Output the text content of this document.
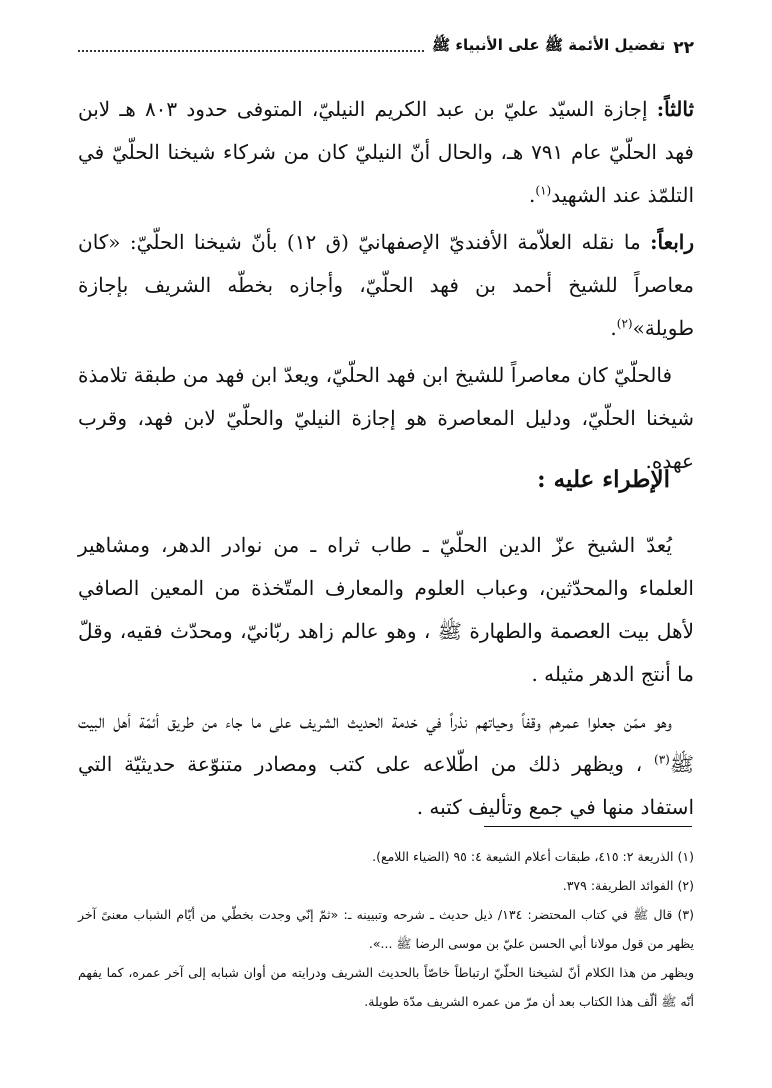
٢٢
تفضيل الأئمة ﷺ على الأنبياء ﷺ

ثالثاً: إجازة السيّد عليّ بن عبد الكريم النيليّ، المتوفى حدود ٨٠٣ هـ لابن فهد الحلّيّ عام ٧٩١ هـ، والحال أنّ النيليّ كان من شركاء شيخنا الحلّيّ في التلمّذ عند الشهيد$^{(١)}$.

رابعاً: ما نقله العلاّمة الأفنديّ الإصفهانيّ (ق ١٢) بأنّ شيخنا الحلّيّ: «كان معاصراً للشيخ أحمد بن فهد الحلّيّ، وأجازه بخطّه الشريف بإجازة طويلة»$^{(٢)}$.

فالحلّيّ كان معاصراً للشيخ ابن فهد الحلّيّ، ويعدّ ابن فهد من طبقة تلامذة شيخنا الحلّيّ، ودليل المعاصرة هو إجازة النيليّ والحلّيّ لابن فهد، وقرب عهده.

الإطراء عليه :

يُعدّ الشيخ عزّ الدين الحلّيّ ـ طاب ثراه ـ من نوادر الدهر، ومشاهير العلماء والمحدّثين، وعباب العلوم والمعارف المتّخذة من المعين الصافي لأهل بيت العصمة والطهارة ﷺ ، وهو عالم زاهد ربّانيّ، ومحدّث فقيه، وقلّ ما أنتج الدهر مثيله .

وهو ممّن جعلوا عمرهم وقفاً وحياتهم نذراً في خدمة الحديث الشريف على ما جاء من طريق أئمّة أهل البيت ﷺ$^{(٣)}$ ، ويظهر ذلك من اطّلاعه على كتب ومصادر متنوّعة حديثيّة التي استفاد منها في جمع وتأليف كتبه .

(١) الذريعة ٢: ٤١٥، طبقات أعلام الشيعة ٤: ٩٥ (الضياء اللامع).

(٢) الفوائد الطريفة: ٣٧٩.

(٣) قال ﷺ في كتاب المحتضر: ١٣٤/ ذيل حديث ـ شرحه وتبيينه ـ: «ثمّ إنّي وجدت بخطّي من أيّام الشباب معنىً آخر يظهر من قول مولانا أبي الحسن عليّ بن موسى الرضا ﷺ ...».

ويظهر من هذا الكلام أنّ لشيخنا الحلّيّ ارتباطاً خاصّاً بالحديث الشريف ودرايته من أوان شبابه إلى آخر عمره، كما يفهم أنّه ﷺ ألّف هذا الكتاب بعد أن مرّ من عمره الشريف مدّة طويلة.
